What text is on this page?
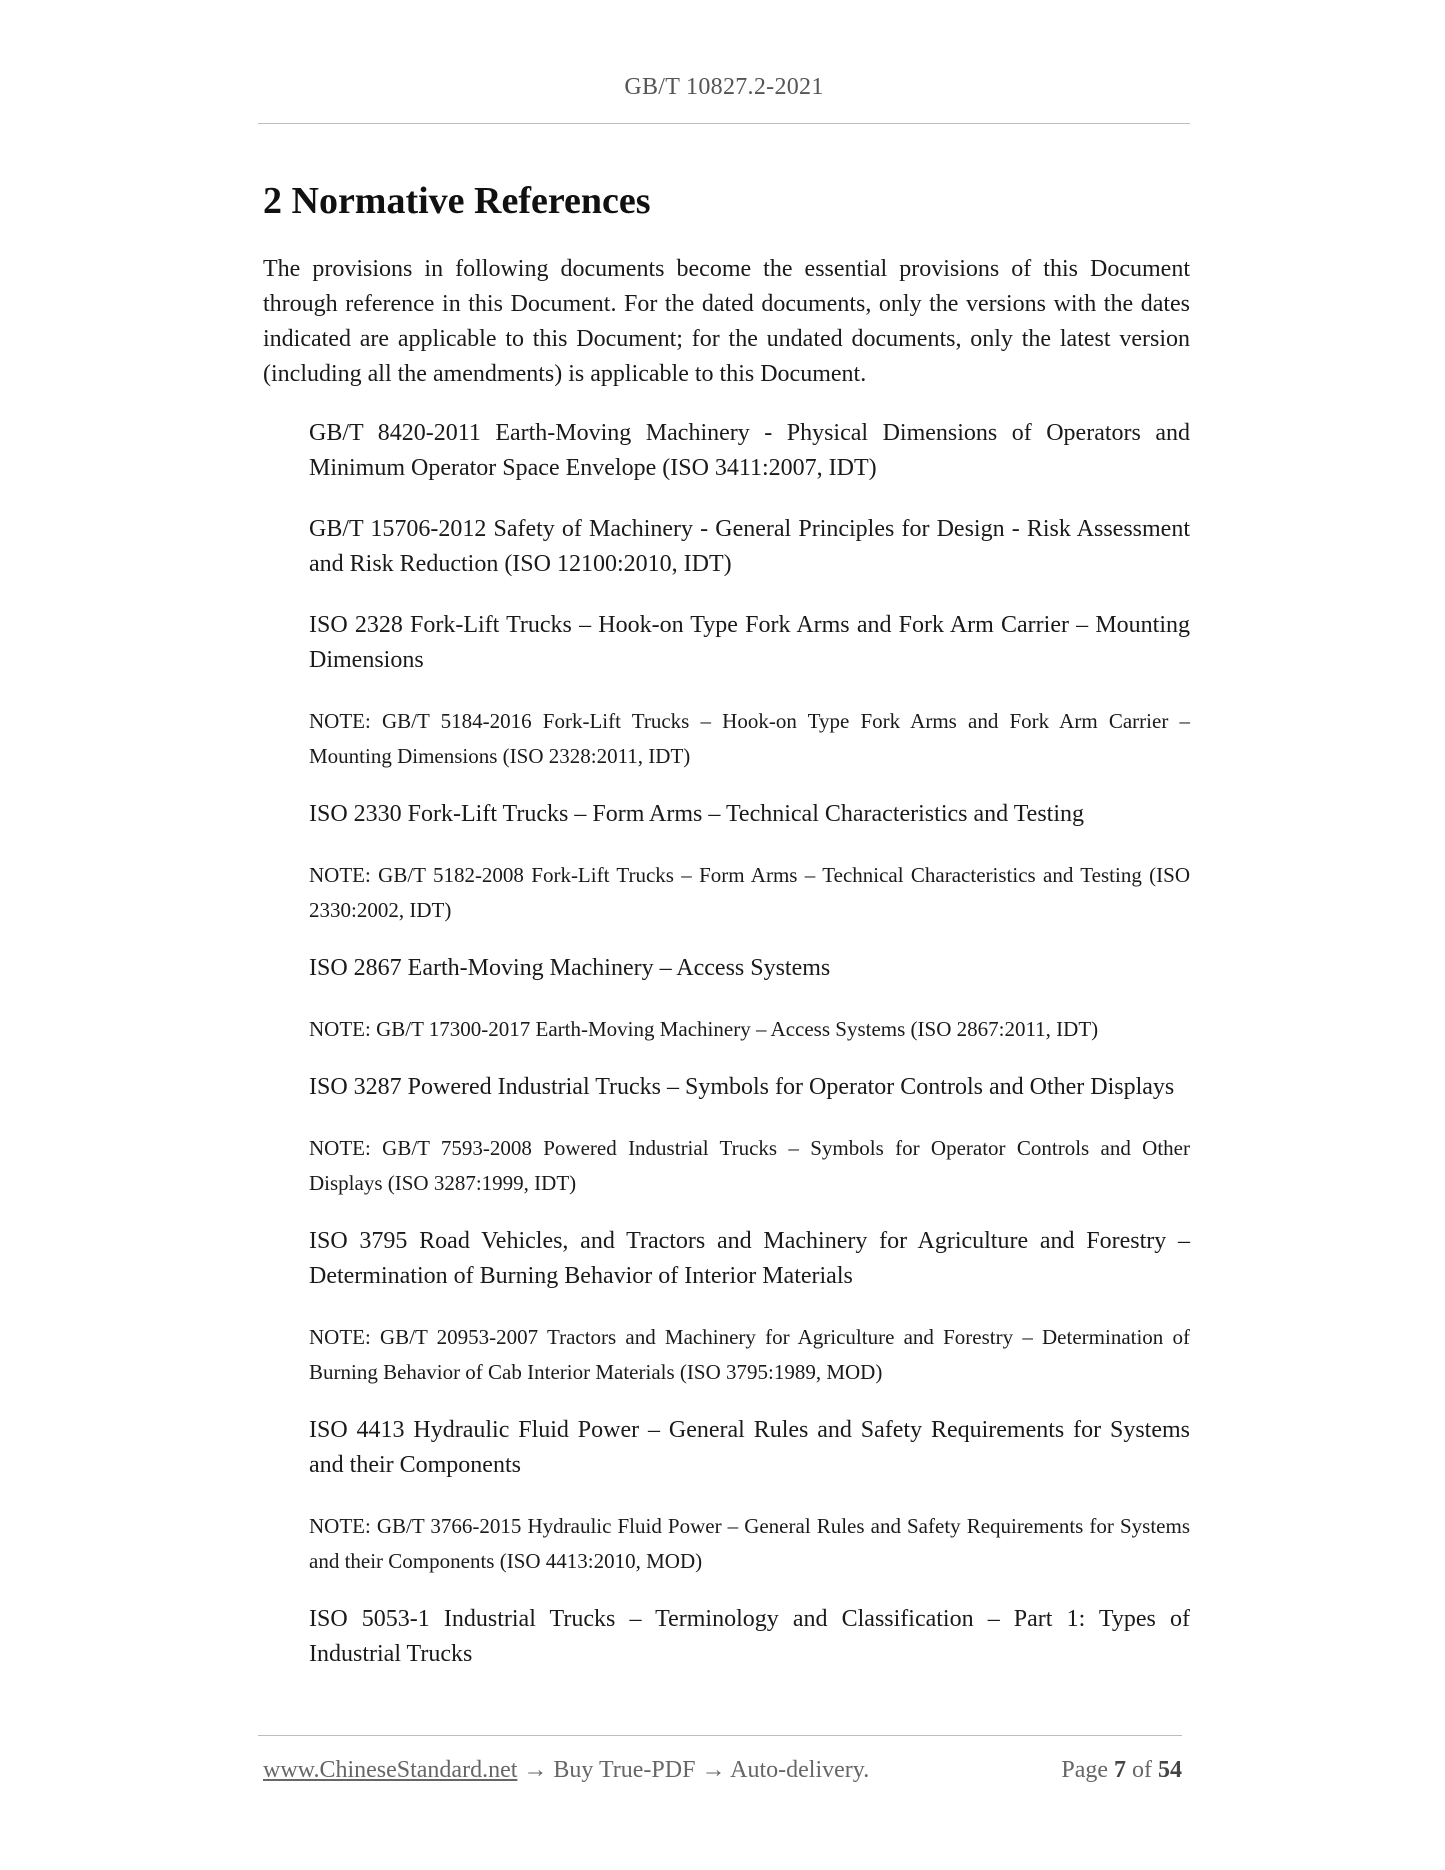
GB/T 10827.2-2021
2 Normative References

The provisions in following documents become the essential provisions of this Document through reference in this Document. For the dated documents, only the versions with the dates indicated are applicable to this Document; for the undated documents, only the latest version (including all the amendments) is applicable to this Document.

GB/T 8420-2011 Earth-Moving Machinery - Physical Dimensions of Operators and Minimum Operator Space Envelope (ISO 3411:2007, IDT)

GB/T 15706-2012 Safety of Machinery - General Principles for Design - Risk Assessment and Risk Reduction (ISO 12100:2010, IDT)

ISO 2328 Fork-Lift Trucks – Hook-on Type Fork Arms and Fork Arm Carrier – Mounting Dimensions

NOTE: GB/T 5184-2016 Fork-Lift Trucks – Hook-on Type Fork Arms and Fork Arm Carrier – Mounting Dimensions (ISO 2328:2011, IDT)

ISO 2330 Fork-Lift Trucks – Form Arms – Technical Characteristics and Testing

NOTE: GB/T 5182-2008 Fork-Lift Trucks – Form Arms – Technical Characteristics and Testing (ISO 2330:2002, IDT)

ISO 2867 Earth-Moving Machinery – Access Systems

NOTE: GB/T 17300-2017 Earth-Moving Machinery – Access Systems (ISO 2867:2011, IDT)

ISO 3287 Powered Industrial Trucks – Symbols for Operator Controls and Other Displays

NOTE: GB/T 7593-2008 Powered Industrial Trucks – Symbols for Operator Controls and Other Displays (ISO 3287:1999, IDT)

ISO 3795 Road Vehicles, and Tractors and Machinery for Agriculture and Forestry – Determination of Burning Behavior of Interior Materials

NOTE: GB/T 20953-2007 Tractors and Machinery for Agriculture and Forestry – Determination of Burning Behavior of Cab Interior Materials (ISO 3795:1989, MOD)

ISO 4413 Hydraulic Fluid Power – General Rules and Safety Requirements for Systems and their Components

NOTE: GB/T 3766-2015 Hydraulic Fluid Power – General Rules and Safety Requirements for Systems and their Components (ISO 4413:2010, MOD)

ISO 5053-1 Industrial Trucks – Terminology and Classification – Part 1: Types of Industrial Trucks

www.ChineseStandard.net → Buy True-PDF → Auto-delivery.	Page 7 of 54
